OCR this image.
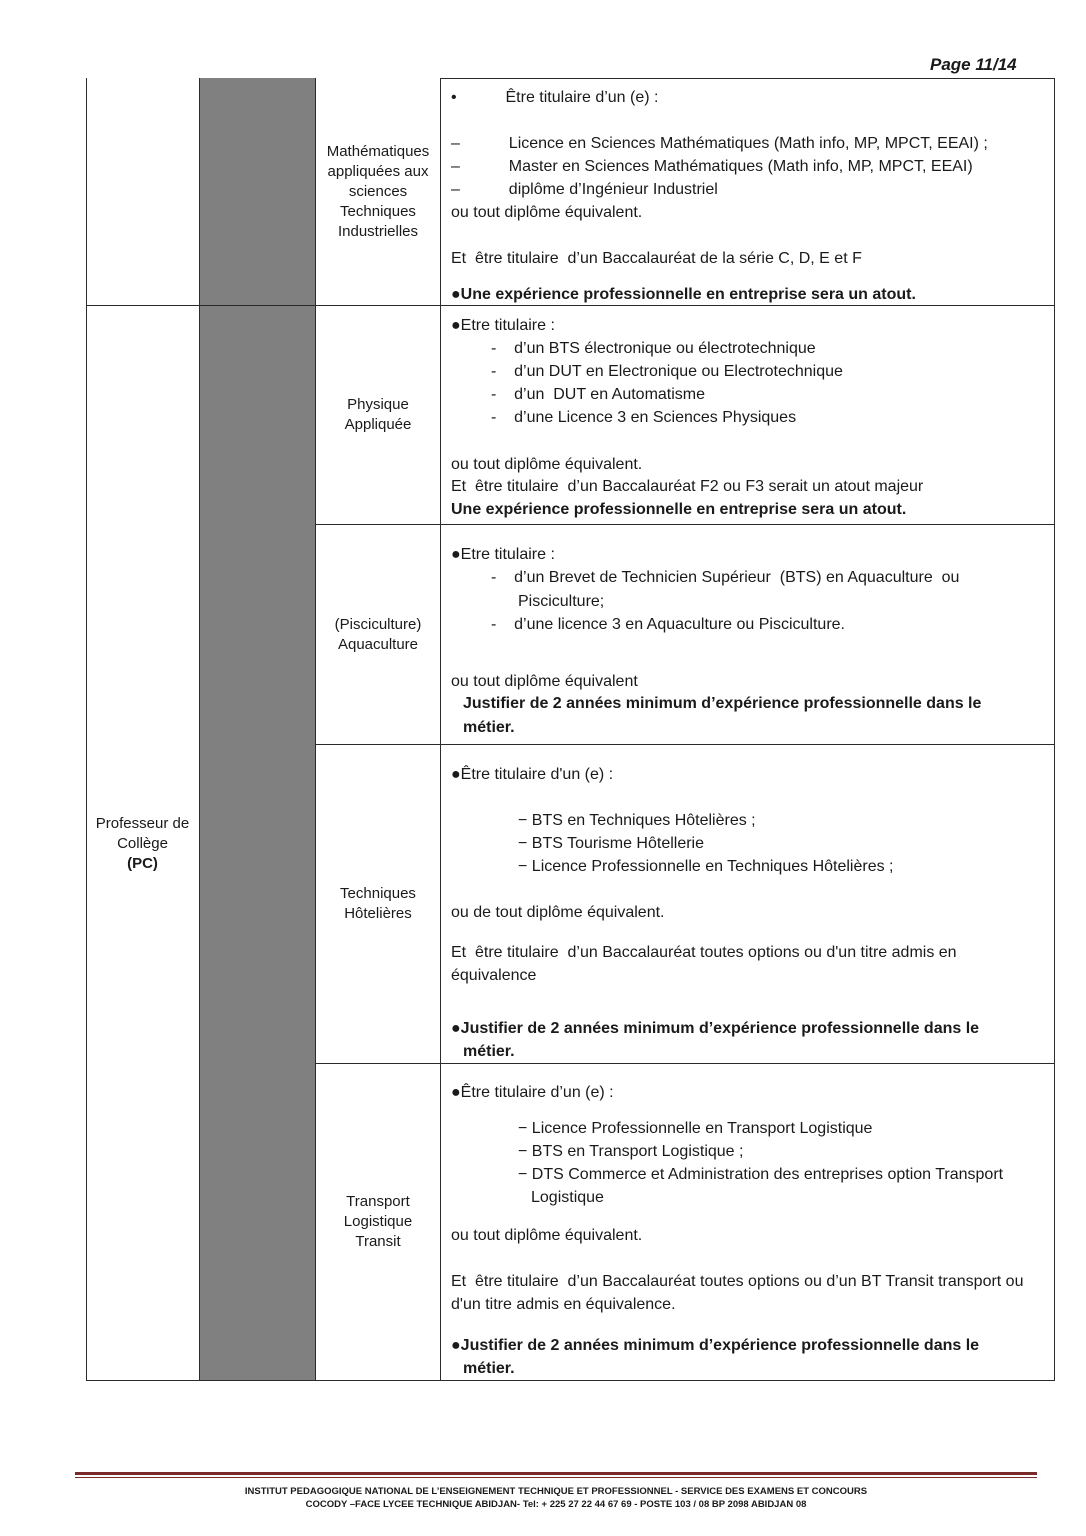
Page 11/14
Professeur de
Collège
(PC)
Mathématiques
appliquées aux
sciences
Techniques
Industrielles
Physique
Appliquée
(Pisciculture)
Aquaculture
Techniques
Hôtelières
Transport
Logistique
Transit
•           Être titulaire d’un (e) :
–           Licence en Sciences Mathématiques (Math info, MP, MPCT, EEAI) ;
–           Master en Sciences Mathématiques (Math info, MP, MPCT, EEAI)
–           diplôme d’Ingénieur Industriel
ou tout diplôme équivalent.
Et  être titulaire  d’un Baccalauréat de la série C, D, E et F
●Une expérience professionnelle en entreprise sera un atout.
●Etre titulaire :
-    d’un BTS électronique ou électrotechnique
-    d’un DUT en Electronique ou Electrotechnique
-    d’un  DUT en Automatisme
-    d’une Licence 3 en Sciences Physiques
ou tout diplôme équivalent.
Et  être titulaire  d’un Baccalauréat F2 ou F3 serait un atout majeur
Une expérience professionnelle en entreprise sera un atout.
●Etre titulaire :
-    d’un Brevet de Technicien Supérieur  (BTS) en Aquaculture  ou
Pisciculture;
-    d’une licence 3 en Aquaculture ou Pisciculture.
ou tout diplôme équivalent
Justifier de 2 années minimum d’expérience professionnelle dans le
métier.
●Être titulaire d'un (e) :
− BTS en Techniques Hôtelières ;
− BTS Tourisme Hôtellerie
− Licence Professionnelle en Techniques Hôtelières ;
ou de tout diplôme équivalent.
Et  être titulaire  d’un Baccalauréat toutes options ou d'un titre admis en
équivalence
●Justifier de 2 années minimum d’expérience professionnelle dans le
métier.
●Être titulaire d’un (e) :
− Licence Professionnelle en Transport Logistique
− BTS en Transport Logistique ;
− DTS Commerce et Administration des entreprises option Transport
Logistique
ou tout diplôme équivalent.
Et  être titulaire  d’un Baccalauréat toutes options ou d’un BT Transit transport ou
d'un titre admis en équivalence.
●Justifier de 2 années minimum d’expérience professionnelle dans le
métier.
INSTITUT PEDAGOGIQUE NATIONAL DE L’ENSEIGNEMENT TECHNIQUE ET PROFESSIONNEL - SERVICE DES EXAMENS ET CONCOURS
COCODY –FACE LYCEE TECHNIQUE ABIDJAN- Tel: + 225 27 22 44 67 69 - POSTE 103 / 08 BP 2098 ABIDJAN 08
